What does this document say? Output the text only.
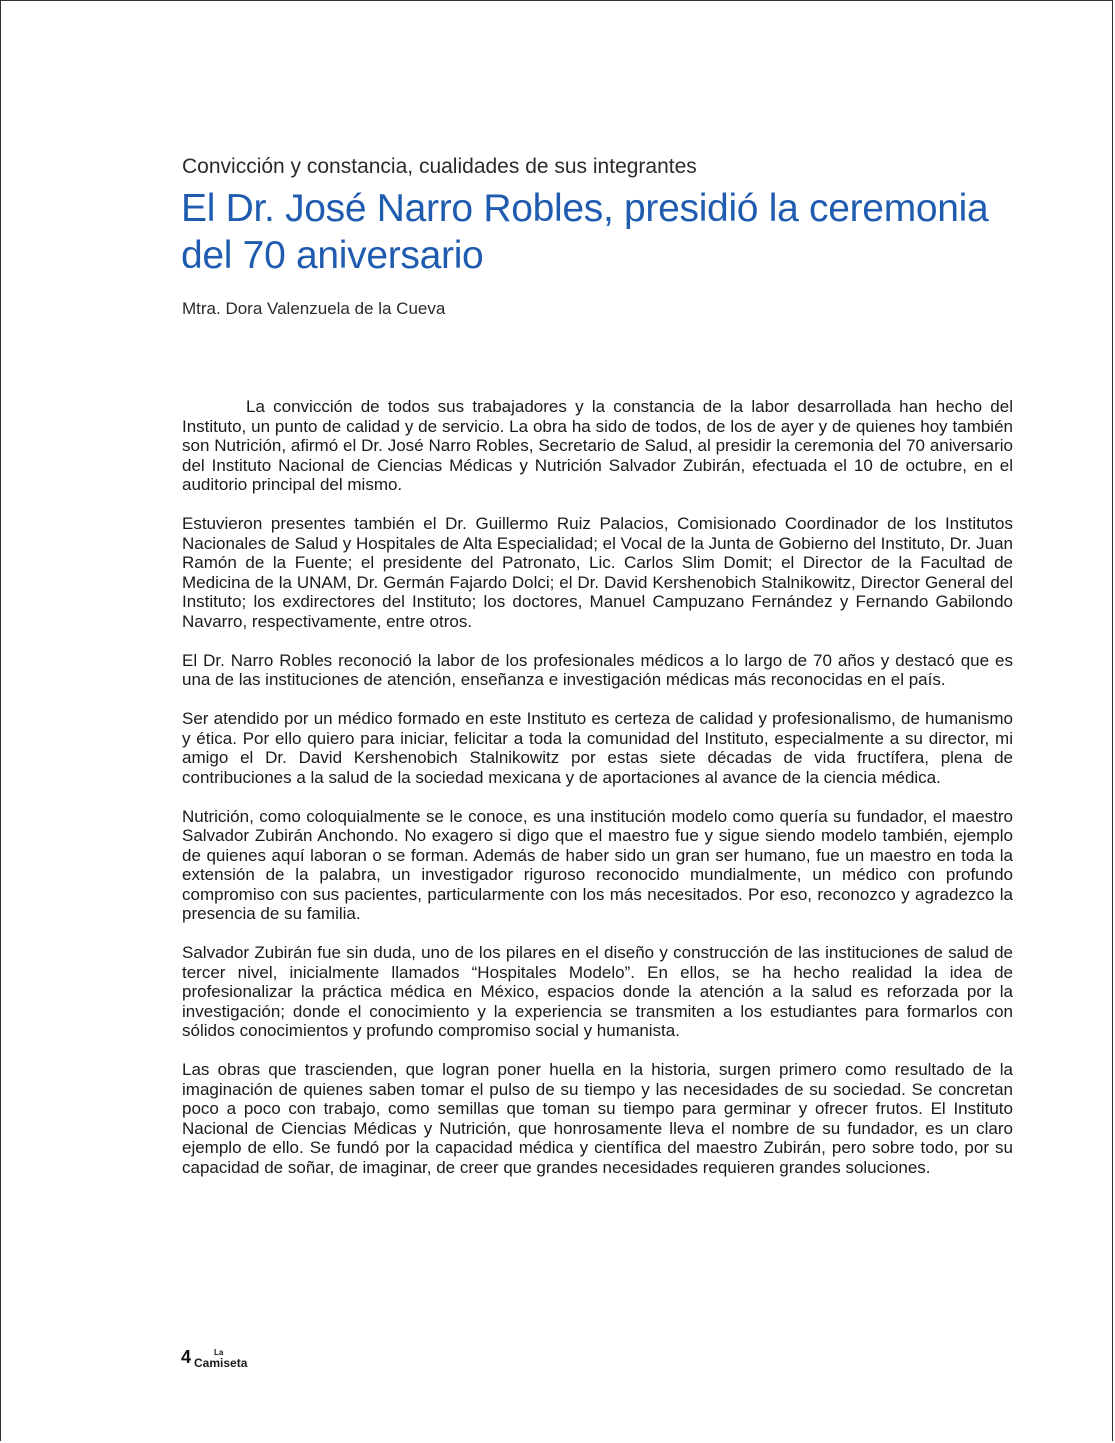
Convicción y constancia, cualidades de sus integrantes
El Dr. José Narro Robles, presidió la ceremonia del 70 aniversario
Mtra. Dora Valenzuela de la Cueva

La convicción de todos sus trabajadores y la constancia de la labor desarrollada han hecho del Instituto, un punto de calidad y de servicio. La obra ha sido de todos, de los de ayer y de quienes hoy también son Nutrición, afirmó el Dr. José Narro Robles, Secretario de Salud, al presidir la ceremonia del 70 aniversario del Instituto Nacional de Ciencias Médicas y Nutrición Salvador Zubirán, efectuada el 10 de octubre, en el auditorio principal del mismo.

Estuvieron presentes también el Dr. Guillermo Ruiz Palacios, Comisionado Coordinador de los Institutos Nacionales de Salud y Hospitales de Alta Especialidad; el Vocal de la Junta de Gobierno del Instituto, Dr. Juan Ramón de la Fuente; el presidente del Patronato, Lic. Carlos Slim Domit; el Director de la Facultad de Medicina de la UNAM, Dr. Germán Fajardo Dolci; el Dr. David Kershenobich Stalnikowitz, Director General del Instituto; los exdirectores del Instituto; los doctores, Manuel Campuzano Fernández y Fernando Gabilondo Navarro, respectivamente, entre otros.

El Dr. Narro Robles reconoció la labor de los profesionales médicos a lo largo de 70 años y destacó que es una de las instituciones de atención, enseñanza e investigación médicas más reconocidas en el país.

Ser atendido por un médico formado en este Instituto es certeza de calidad y profesionalismo, de humanismo y ética. Por ello quiero para iniciar, felicitar a toda la comunidad del Instituto, especialmente a su director, mi amigo el Dr. David Kershenobich Stalnikowitz por estas siete décadas de vida fructífera, plena de contribuciones a la salud de la sociedad mexicana y de aportaciones al avance de la ciencia médica.

Nutrición, como coloquialmente se le conoce, es una institución modelo como quería su fundador, el maestro Salvador Zubirán Anchondo. No exagero si digo que el maestro fue y sigue siendo modelo también, ejemplo de quienes aquí laboran o se forman. Además de haber sido un gran ser humano, fue un maestro en toda la extensión de la palabra, un investigador riguroso reconocido mundialmente, un médico con profundo compromiso con sus pacientes, particularmente con los más necesitados. Por eso, reconozco y agradezco la presencia de su familia.

Salvador Zubirán fue sin duda, uno de los pilares en el diseño y construcción de las instituciones de salud de tercer nivel, inicialmente llamados “Hospitales Modelo”. En ellos, se ha hecho realidad la idea de profesionalizar la práctica médica en México, espacios donde la atención a la salud es reforzada por la investigación; donde el conocimiento y la experiencia se transmiten a los estudiantes para formarlos con sólidos conocimientos y profundo compromiso social y humanista.

Las obras que trascienden, que logran poner huella en la historia, surgen primero como resultado de la imaginación de quienes saben tomar el pulso de su tiempo y las necesidades de su sociedad. Se concretan poco a poco con trabajo, como semillas que toman su tiempo para germinar y ofrecer frutos. El Instituto Nacional de Ciencias Médicas y Nutrición, que honrosamente lleva el nombre de su fundador, es un claro ejemplo de ello. Se fundó por la capacidad médica y científica del maestro Zubirán, pero sobre todo, por su capacidad de soñar, de imaginar, de creer que grandes necesidades requieren grandes soluciones.

4	La
Camiseta
